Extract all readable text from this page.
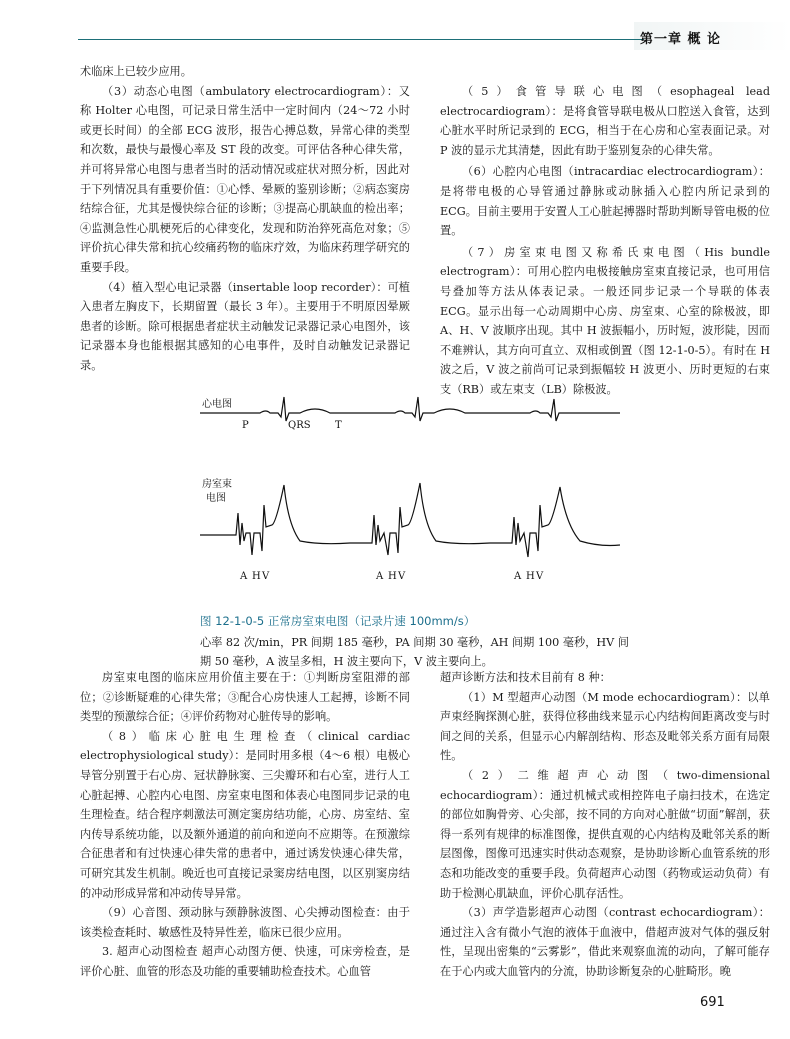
第一章 概 论

术临床上已较少应用。

（3）动态心电图（ambulatory electrocardiogram）：又称 Holter 心电图，可记录日常生活中一定时间内（24～72 小时或更长时间）的全部 ECG 波形，报告心搏总数，异常心律的类型和次数，最快与最慢心率及 ST 段的改变。可评估各种心律失常，并可将异常心电图与患者当时的活动情况或症状对照分析，因此对于下列情况具有重要价值：①心悸、晕厥的鉴别诊断；②病态窦房结综合征，尤其是慢快综合征的诊断；③提高心肌缺血的检出率；④监测急性心肌梗死后的心律变化，发现和防治猝死高危对象；⑤评价抗心律失常和抗心绞痛药物的临床疗效，为临床药理学研究的重要手段。

（4）植入型心电记录器（insertable loop recorder）：可植入患者左胸皮下，长期留置（最长 3 年）。主要用于不明原因晕厥患者的诊断。除可根据患者症状主动触发记录器记录心电图外，该记录器本身也能根据其感知的心电事件，及时自动触发记录器记录。

（5）食管导联心电图（esophageal lead electrocardiogram）：是将食管导联电极从口腔送入食管，达到心脏水平时所记录到的 ECG，相当于在心房和心室表面记录。对 P 波的显示尤其清楚，因此有助于鉴别复杂的心律失常。

（6）心腔内心电图（intracardiac electrocardiogram）：是将带电极的心导管通过静脉或动脉插入心腔内所记录到的 ECG。目前主要用于安置人工心脏起搏器时帮助判断导管电极的位置。

（7）房室束电图又称希氏束电图（His bundle electrogram）：可用心腔内电极接触房室束直接记录，也可用信号叠加等方法从体表记录。一般还同步记录一个导联的体表 ECG。显示出每一心动周期中心房、房室束、心室的除极波，即 A、H、V 波顺序出现。其中 H 波振幅小，历时短，波形陡，因而不难辨认，其方向可直立、双相或倒置（图 12-1-0-5）。有时在 H 波之后，V 波之前尚可记录到振幅较 H 波更小、历时更短的右束支（RB）或左束支（LB）除极波。

心电图
P	QRS T
房室束
电图
A H V	A H V	A H V
图 12-1-0-5 正常房室束电图（记录片速 100mm/s）
心率 82 次/min，PR 间期 185 毫秒，PA 间期 30 毫秒，AH 间期 100 毫秒，HV 间期 50 毫秒，A 波呈多相，H 波主要向下，V 波主要向上。

房室束电图的临床应用价值主要在于：①判断房室阻滞的部位；②诊断疑难的心律失常；③配合心房快速人工起搏，诊断不同类型的预激综合征；④评价药物对心脏传导的影响。

（8）临床心脏电生理检查（clinical cardiac electrophysiological study）：是同时用多根（4～6 根）电极心导管分别置于右心房、冠状静脉窦、三尖瓣环和右心室，进行人工心脏起搏、心腔内心电图、房室束电图和体表心电图同步记录的电生理检查。结合程序刺激法可测定窦房结功能，心房、房室结、室内传导系统功能，以及额外通道的前向和逆向不应期等。在预激综合征患者和有过快速心律失常的患者中，通过诱发快速心律失常，可研究其发生机制。晚近也可直接记录窦房结电图，以区别窦房结的冲动形成异常和冲动传导异常。

（9）心音图、颈动脉与颈静脉波图、心尖搏动图检查：由于该类检查耗时、敏感性及特异性差，临床已很少应用。

3. 超声心动图检查 超声心动图方便、快速，可床旁检查，是评价心脏、血管的形态及功能的重要辅助检查技术。心血管

超声诊断方法和技术目前有 8 种：

（1）M 型超声心动图（M mode echocardiogram）：以单声束经胸探测心脏，获得位移曲线来显示心内结构间距离改变与时间之间的关系，但显示心内解剖结构、形态及毗邻关系方面有局限性。

（2）二维超声心动图（two-dimensional echocardiogram）：通过机械式或相控阵电子扇扫技术，在选定的部位如胸骨旁、心尖部，按不同的方向对心脏做“切面”解剖，获得一系列有规律的标准图像，提供直观的心内结构及毗邻关系的断层图像，图像可迅速实时供动态观察，是协助诊断心血管系统的形态和功能改变的重要手段。负荷超声心动图（药物或运动负荷）有助于检测心肌缺血，评价心肌存活性。

（3）声学造影超声心动图（contrast echocardiogram）：通过注入含有微小气泡的液体于血液中，借超声波对气体的强反射性，呈现出密集的“云雾影”，借此来观察血流的动向，了解可能存在于心内或大血管内的分流，协助诊断复杂的心脏畸形。晚

691
